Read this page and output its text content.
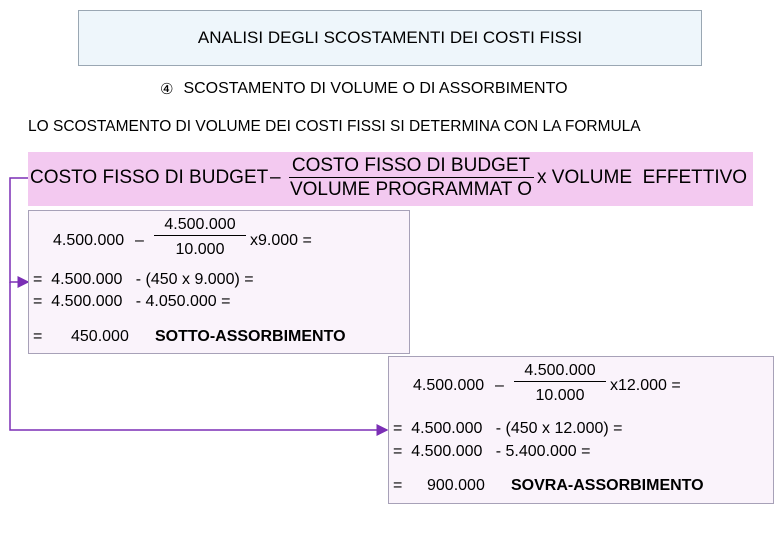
ANALISI DEGLI SCOSTAMENTI DEI COSTI FISSI
④ SCOSTAMENTO DI VOLUME O DI ASSORBIMENTO
LO SCOSTAMENTO DI VOLUME DEI COSTI FISSI SI DETERMINA CON LA FORMULA
COSTO FISSO DI BUDGET –
COSTO FISSO DI BUDGET
VOLUME PROGRAMMAT O
x VOLUME  EFFETTIVO
4.500.000 –
4.500.000
10.000
x9.000 =
=  4.500.000   - (450 x 9.000) =
=  4.500.000   - 4.050.000 =
= 450.000 SOTTO-ASSORBIMENTO
4.500.000 –
4.500.000
10.000
x12.000 =
=  4.500.000   - (450 x 12.000) =
=  4.500.000   - 5.400.000 =
= 900.000 SOVRA-ASSORBIMENTO
